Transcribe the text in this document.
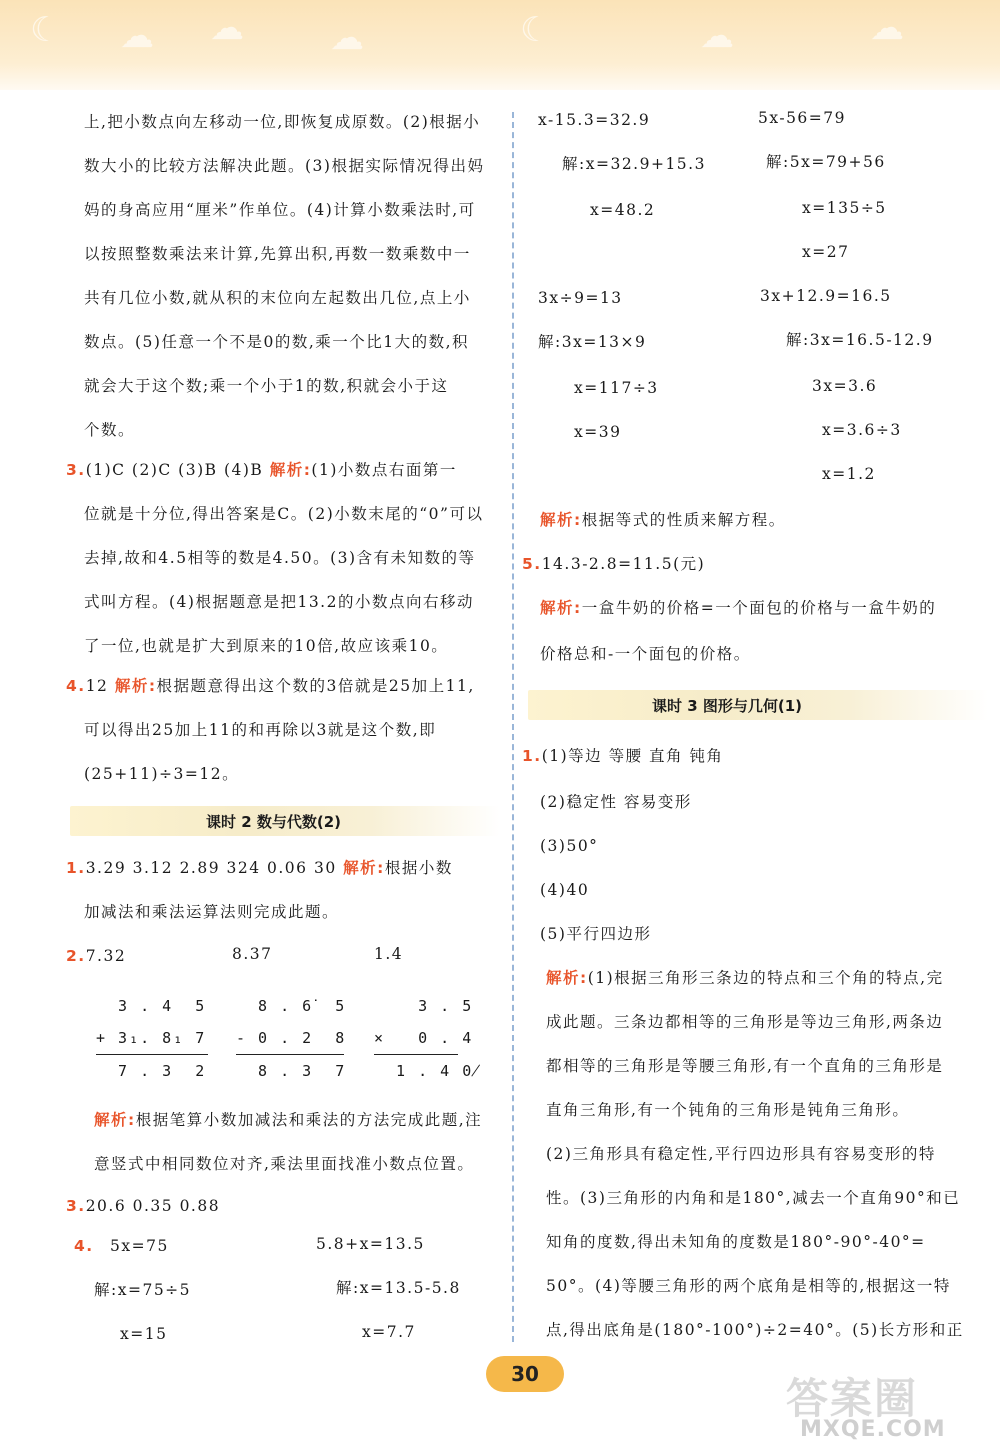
☾ ☁ ☁	☁	☾	☁	☁
上,把小数点向左移动一位,即恢复成原数。(2)根据小
数大小的比较方法解决此题。(3)根据实际情况得出妈
妈的身高应用“厘米”作单位。(4)计算小数乘法时,可
以按照整数乘法来计算,先算出积,再数一数乘数中一
共有几位小数,就从积的末位向左起数出几位,点上小
数点。(5)任意一个不是0的数,乘一个比1大的数,积
就会大于这个数;乘一个小于1的数,积就会小于这
个数。
3.(1)C (2)C (3)B (4)B 解析:(1)小数点右面第一
位就是十分位,得出答案是C。(2)小数末尾的“0”可以
去掉,故和4.5相等的数是4.50。(3)含有未知数的等
式叫方程。(4)根据题意是把13.2的小数点向右移动
了一位,也就是扩大到原来的10倍,故应该乘10。
4.12 解析:根据题意得出这个数的3倍就是25加上11,
可以得出25加上11的和再除以3就是这个数,即
(25+11)÷3=12。
课时 2 数与代数(2)
1.3.29 3.12 2.89 324 0.06 30 解析:根据小数
加减法和乘法运算法则完成此题。
2.7.32	8.37	1.4
3 . 4  5
+ 3₁. 8₁ 7
7 . 3  2
8 . 6̇  5
- 0 . 2  8
8 . 3  7
3 . 5
×   0 . 4
1 . 4 0̸
解析:根据笔算小数加减法和乘法的方法完成此题,注
意竖式中相同数位对齐,乘法里面找准小数点位置。
3.20.6 0.35 0.88
4. 5x=75
解:x=75÷5
x=15
5.8+x=13.5
解:x=13.5-5.8
x=7.7
x-15.3=32.9
解:x=32.9+15.3
x=48.2
5x-56=79
解:5x=79+56
x=135÷5
x=27
3x÷9=13
解:3x=13×9
x=117÷3
x=39
3x+12.9=16.5
解:3x=16.5-12.9
3x=3.6
x=3.6÷3
x=1.2
解析:根据等式的性质来解方程。
5.14.3-2.8=11.5(元)
解析:一盒牛奶的价格=一个面包的价格与一盒牛奶的
价格总和-一个面包的价格。
课时 3 图形与几何(1)
1.(1)等边 等腰 直角 钝角
(2)稳定性 容易变形
(3)50°
(4)40
(5)平行四边形
解析:(1)根据三角形三条边的特点和三个角的特点,完
成此题。三条边都相等的三角形是等边三角形,两条边
都相等的三角形是等腰三角形,有一个直角的三角形是
直角三角形,有一个钝角的三角形是钝角三角形。
(2)三角形具有稳定性,平行四边形具有容易变形的特
性。(3)三角形的内角和是180°,减去一个直角90°和已
知角的度数,得出未知角的度数是180°-90°-40°=
50°。(4)等腰三角形的两个底角是相等的,根据这一特
点,得出底角是(180°-100°)÷2=40°。(5)长方形和正
30	答案圈
MXQE.COM
